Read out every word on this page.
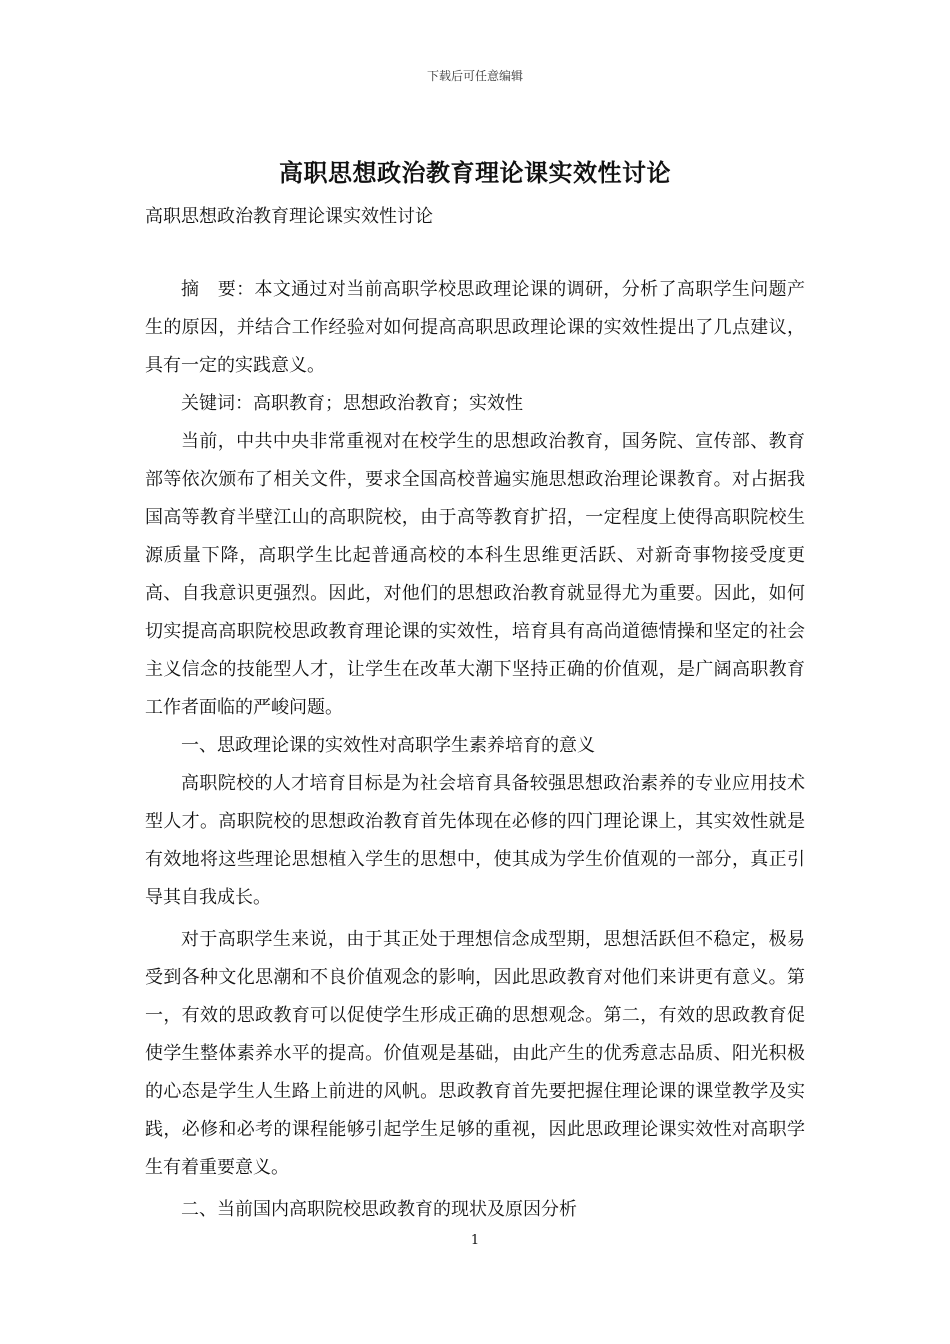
下载后可任意编辑
高职思想政治教育理论课实效性讨论
高职思想政治教育理论课实效性讨论

摘　要：本文通过对当前高职学校思政理论课的调研，分析了高职学生问题产生的原因，并结合工作经验对如何提高高职思政理论课的实效性提出了几点建议，具有一定的实践意义。

关键词：高职教育；思想政治教育；实效性

当前，中共中央非常重视对在校学生的思想政治教育，国务院、宣传部、教育部等依次颁布了相关文件，要求全国高校普遍实施思想政治理论课教育。对占据我国高等教育半壁江山的高职院校，由于高等教育扩招，一定程度上使得高职院校生源质量下降，高职学生比起普通高校的本科生思维更活跃、对新奇事物接受度更高、自我意识更强烈。因此，对他们的思想政治教育就显得尤为重要。因此，如何切实提高高职院校思政教育理论课的实效性，培育具有高尚道德情操和坚定的社会主义信念的技能型人才，让学生在改革大潮下坚持正确的价值观，是广阔高职教育工作者面临的严峻问题。

一、思政理论课的实效性对高职学生素养培育的意义

高职院校的人才培育目标是为社会培育具备较强思想政治素养的专业应用技术型人才。高职院校的思想政治教育首先体现在必修的四门理论课上，其实效性就是有效地将这些理论思想植入学生的思想中，使其成为学生价值观的一部分，真正引导其自我成长。

对于高职学生来说，由于其正处于理想信念成型期，思想活跃但不稳定，极易受到各种文化思潮和不良价值观念的影响，因此思政教育对他们来讲更有意义。第一，有效的思政教育可以促使学生形成正确的思想观念。第二，有效的思政教育促使学生整体素养水平的提高。价值观是基础，由此产生的优秀意志品质、阳光积极的心态是学生人生路上前进的风帆。思政教育首先要把握住理论课的课堂教学及实践，必修和必考的课程能够引起学生足够的重视，因此思政理论课实效性对高职学生有着重要意义。

二、当前国内高职院校思政教育的现状及原因分析

1
